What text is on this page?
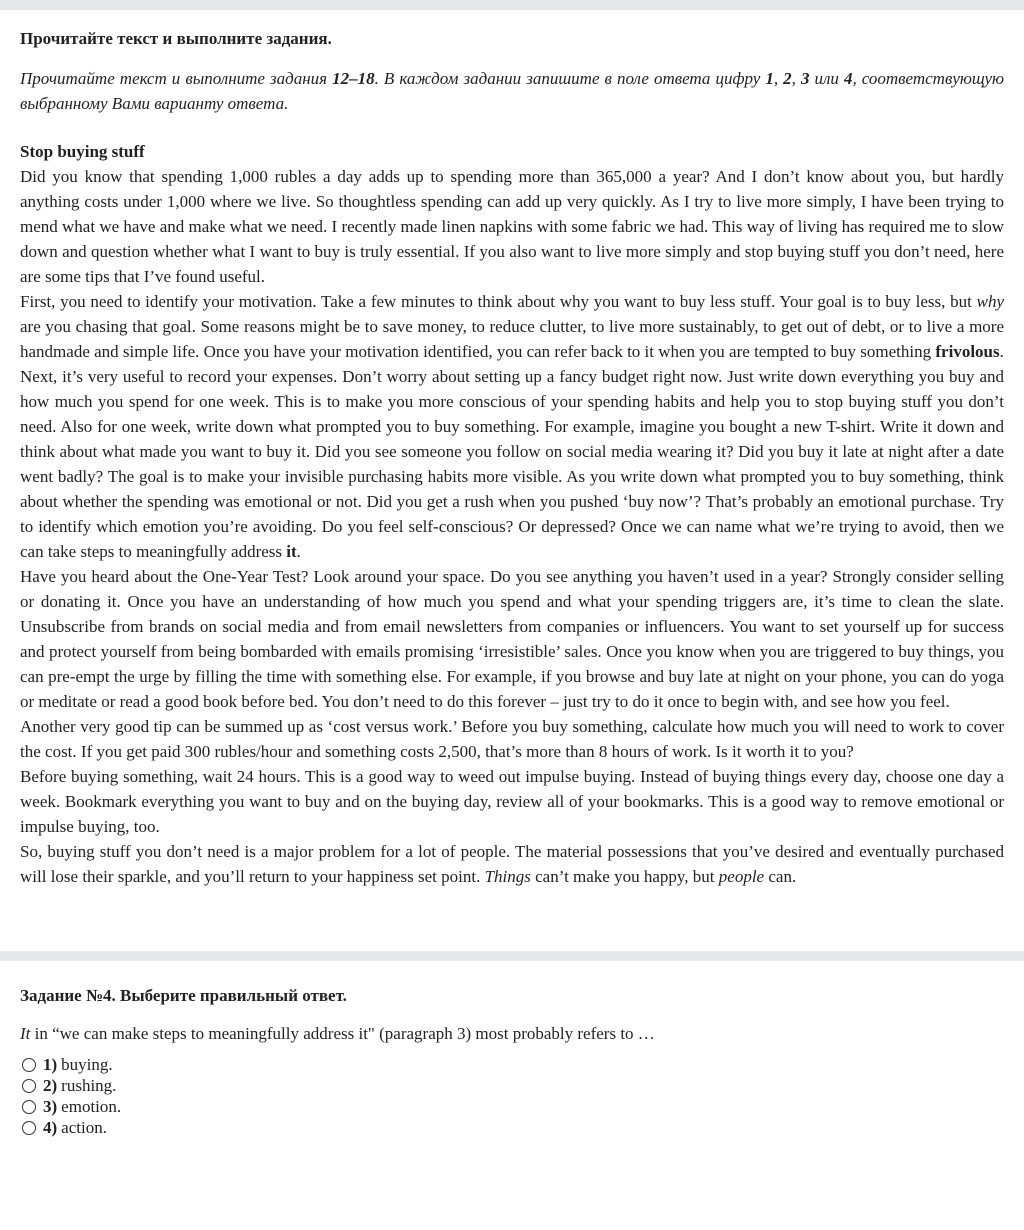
Прочитайте текст и выполните задания.

Прочитайте текст и выполните задания 12–18. В каждом задании запишите в поле ответа цифру 1, 2, 3 или 4, соответствующую выбранному Вами варианту ответа.

Stop buying stuff

Did you know that spending 1,000 rubles a day adds up to spending more than 365,000 a year? And I don’t know about you, but hardly anything costs under 1,000 where we live. So thoughtless spending can add up very quickly. As I try to live more simply, I have been trying to mend what we have and make what we need. I recently made linen napkins with some fabric we had. This way of living has required me to slow down and question whether what I want to buy is truly essential. If you also want to live more simply and stop buying stuff you don’t need, here are some tips that I’ve found useful.

First, you need to identify your motivation. Take a few minutes to think about why you want to buy less stuff. Your goal is to buy less, but why are you chasing that goal. Some reasons might be to save money, to reduce clutter, to live more sustainably, to get out of debt, or to live a more handmade and simple life. Once you have your motivation identified, you can refer back to it when you are tempted to buy something frivolous.

Next, it’s very useful to record your expenses. Don’t worry about setting up a fancy budget right now. Just write down everything you buy and how much you spend for one week. This is to make you more conscious of your spending habits and help you to stop buying stuff you don’t need. Also for one week, write down what prompted you to buy something. For example, imagine you bought a new T-shirt. Write it down and think about what made you want to buy it. Did you see someone you follow on social media wearing it? Did you buy it late at night after a date went badly? The goal is to make your invisible purchasing habits more visible. As you write down what prompted you to buy something, think about whether the spending was emotional or not. Did you get a rush when you pushed ‘buy now’? That’s probably an emotional purchase. Try to identify which emotion you’re avoiding. Do you feel self-conscious? Or depressed? Once we can name what we’re trying to avoid, then we can take steps to meaningfully address it.

Have you heard about the One-Year Test? Look around your space. Do you see anything you haven’t used in a year? Strongly consider selling or donating it. Once you have an understanding of how much you spend and what your spending triggers are, it’s time to clean the slate. Unsubscribe from brands on social media and from email newsletters from companies or influencers. You want to set yourself up for success and protect yourself from being bombarded with emails promising ‘irresistible’ sales. Once you know when you are triggered to buy things, you can pre-empt the urge by filling the time with something else. For example, if you browse and buy late at night on your phone, you can do yoga or meditate or read a good book before bed. You don’t need to do this forever – just try to do it once to begin with, and see how you feel.

Another very good tip can be summed up as ‘cost versus work.’ Before you buy something, calculate how much you will need to work to cover the cost. If you get paid 300 rubles/hour and something costs 2,500, that’s more than 8 hours of work. Is it worth it to you?

Before buying something, wait 24 hours. This is a good way to weed out impulse buying. Instead of buying things every day, choose one day a week. Bookmark everything you want to buy and on the buying day, review all of your bookmarks. This is a good way to remove emotional or impulse buying, too.

So, buying stuff you don’t need is a major problem for a lot of people. The material possessions that you’ve desired and eventually purchased will lose their sparkle, and you’ll return to your happiness set point. Things can’t make you happy, but people can.

Задание №4. Выберите правильный ответ.

It in “we can make steps to meaningfully address it" (paragraph 3) most probably refers to …

1) buying.
2) rushing.
3) emotion.
4) action.
